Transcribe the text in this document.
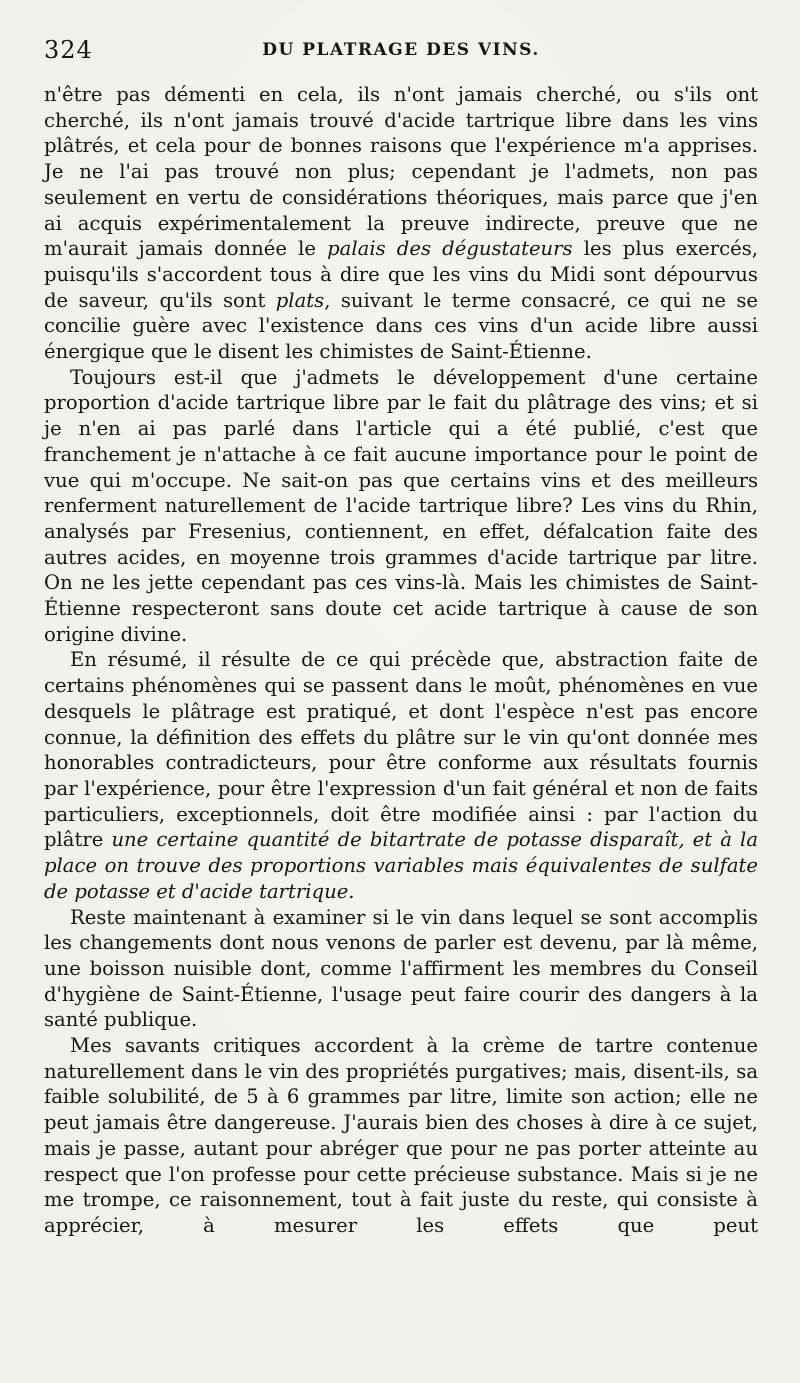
324	DU PLATRAGE DES VINS.

n'être pas démenti en cela, ils n'ont jamais cherché, ou s'ils ont cherché, ils n'ont jamais trouvé d'acide tartrique libre dans les vins plâtrés, et cela pour de bonnes raisons que l'expérience m'a apprises. Je ne l'ai pas trouvé non plus; cependant je l'admets, non pas seulement en vertu de considérations théoriques, mais parce que j'en ai acquis expérimentalement la preuve indirecte, preuve que ne m'aurait jamais donnée le palais des dégustateurs les plus exercés, puisqu'ils s'accordent tous à dire que les vins du Midi sont dépourvus de saveur, qu'ils sont plats, suivant le terme consacré, ce qui ne se concilie guère avec l'existence dans ces vins d'un acide libre aussi énergique que le disent les chimistes de Saint-Étienne.

Toujours est-il que j'admets le développement d'une certaine proportion d'acide tartrique libre par le fait du plâtrage des vins; et si je n'en ai pas parlé dans l'article qui a été publié, c'est que franchement je n'attache à ce fait aucune importance pour le point de vue qui m'occupe. Ne sait-on pas que certains vins et des meilleurs renferment naturellement de l'acide tartrique libre? Les vins du Rhin, analysés par Fresenius, contiennent, en effet, défalcation faite des autres acides, en moyenne trois grammes d'acide tartrique par litre. On ne les jette cependant pas ces vins-là. Mais les chimistes de Saint-Étienne respecteront sans doute cet acide tartrique à cause de son origine divine.

En résumé, il résulte de ce qui précède que, abstraction faite de certains phénomènes qui se passent dans le moût, phénomènes en vue desquels le plâtrage est pratiqué, et dont l'espèce n'est pas encore connue, la définition des effets du plâtre sur le vin qu'ont donnée mes honorables contradicteurs, pour être conforme aux résultats fournis par l'expérience, pour être l'expression d'un fait général et non de faits particuliers, exceptionnels, doit être modifiée ainsi : par l'action du plâtre une certaine quantité de bitartrate de potasse disparaît, et à la place on trouve des proportions variables mais équivalentes de sulfate de potasse et d'acide tartrique.

Reste maintenant à examiner si le vin dans lequel se sont accomplis les changements dont nous venons de parler est devenu, par là même, une boisson nuisible dont, comme l'affirment les membres du Conseil d'hygiène de Saint-Étienne, l'usage peut faire courir des dangers à la santé publique.

Mes savants critiques accordent à la crème de tartre contenue naturellement dans le vin des propriétés purgatives; mais, disent-ils, sa faible solubilité, de 5 à 6 grammes par litre, limite son action; elle ne peut jamais être dangereuse. J'aurais bien des choses à dire à ce sujet, mais je passe, autant pour abréger que pour ne pas porter atteinte au respect que l'on professe pour cette précieuse substance. Mais si je ne me trompe, ce raisonnement, tout à fait juste du reste, qui consiste à apprécier, à mesurer les effets que peut
